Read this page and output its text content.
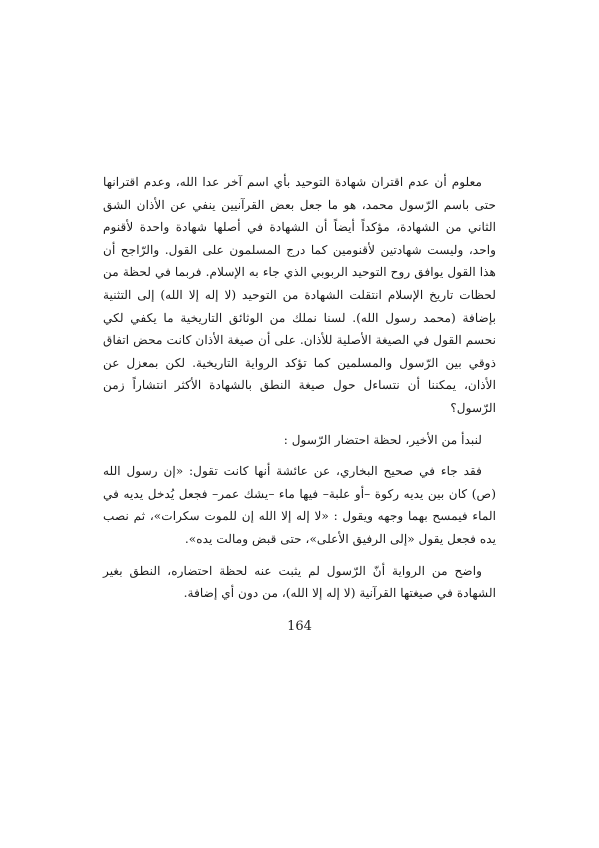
معلوم أن عدم اقتران شهادة التوحيد بأي اسم آخر عدا الله، وعدم اقترانها حتى باسم الرّسول محمد، هو ما جعل بعض القرآنيين ينفي عن الأذان الشق الثاني من الشهادة، مؤكداً أيضاً أن الشهادة في أصلها شهادة واحدة لأقنوم واحد، وليست شهادتين لأقنومين كما درج المسلمون على القول. والرّاجح أن هذا القول يوافق روح التوحيد الربوبي الذي جاء به الإسلام. فربما في لحظة من لحظات تاريخ الإسلام انتقلت الشهادة من التوحيد (لا إله إلا الله) إلى التثنية بإضافة (محمد رسول الله). لسنا نملك من الوثائق التاريخية ما يكفي لكي نحسم القول في الصيغة الأصلية للأذان. على أن صيغة الأذان كانت محض اتفاق ذوقي بين الرّسول والمسلمين كما تؤكد الرواية التاريخية. لكن بمعزل عن الأذان، يمكننا أن نتساءل حول صيغة النطق بالشهادة الأكثر انتشاراً زمن الرّسول؟

لنبدأ من الأخير، لحظة احتضار الرّسول :

فقد جاء في صحيح البخاري، عن عائشة أنها كانت تقول: «إن رسول الله (ص) كان بين يديه ركوة –أو علبة– فيها ماء –يشك عمر– فجعل يُدخل يديه في الماء فيمسح بهما وجهه ويقول : «لا إله إلا الله إن للموت سكرات»، ثم نصب يده فجعل يقول «إلى الرفيق الأعلى»، حتى قبض ومالت يده».

واضح من الرواية أنّ الرّسول لم يثبت عنه لحظة احتضاره، النطق بغير الشهادة في صيغتها القرآنية (لا إله إلا الله)، من دون أي إضافة.

164
